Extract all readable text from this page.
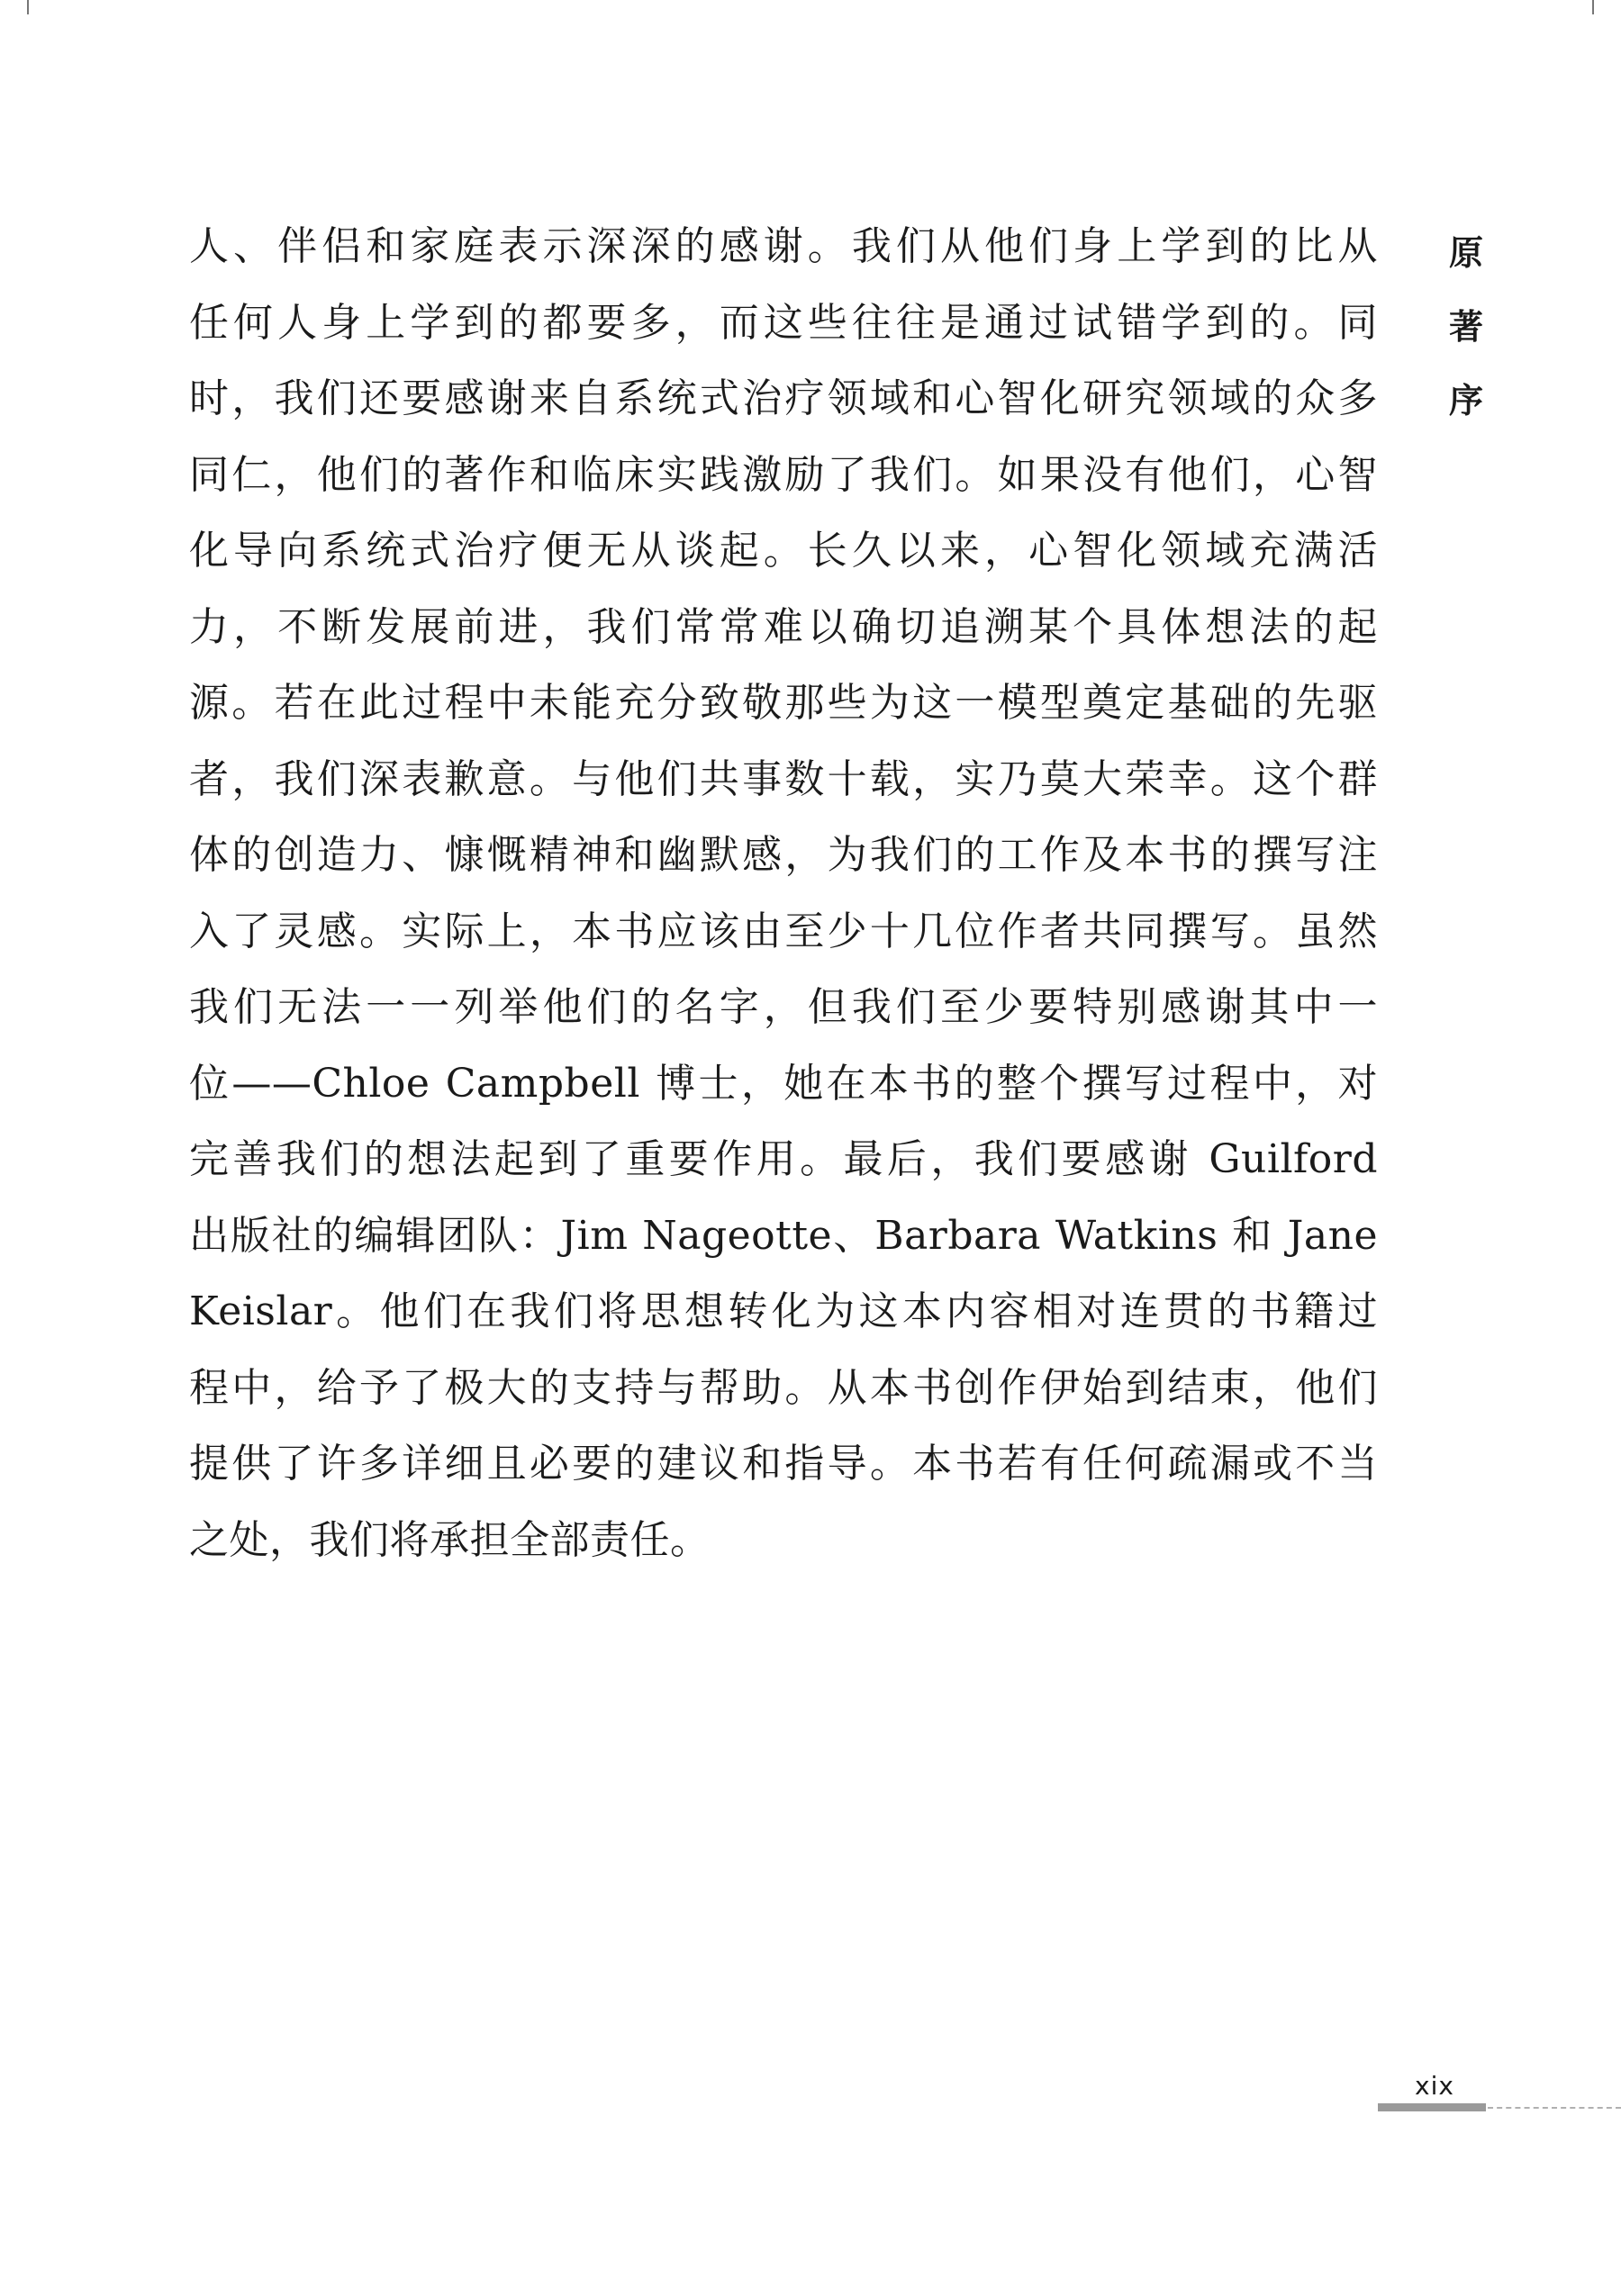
人、伴侣和家庭表示深深的感谢。我们从他们身上学到的比从
任何人身上学到的都要多，而这些往往是通过试错学到的。同
时，我们还要感谢来自系统式治疗领域和心智化研究领域的众多
同仁，他们的著作和临床实践激励了我们。如果没有他们，心智
化导向系统式治疗便无从谈起。长久以来，心智化领域充满活
力，不断发展前进，我们常常难以确切追溯某个具体想法的起
源。若在此过程中未能充分致敬那些为这一模型奠定基础的先驱
者，我们深表歉意。与他们共事数十载，实乃莫大荣幸。这个群
体的创造力、慷慨精神和幽默感，为我们的工作及本书的撰写注
入了灵感。实际上，本书应该由至少十几位作者共同撰写。虽然
我们无法一一列举他们的名字，但我们至少要特别感谢其中一
位——Chloe Campbell 博士，她在本书的整个撰写过程中，对
完善我们的想法起到了重要作用。最后，我们要感谢 Guilford
出版社的编辑团队：Jim Nageotte、Barbara Watkins 和 Jane
Keislar。他们在我们将思想转化为这本内容相对连贯的书籍过
程中，给予了极大的支持与帮助。从本书创作伊始到结束，他们
提供了许多详细且必要的建议和指导。本书若有任何疏漏或不当
之处，我们将承担全部责任。
原
著
序
xix
